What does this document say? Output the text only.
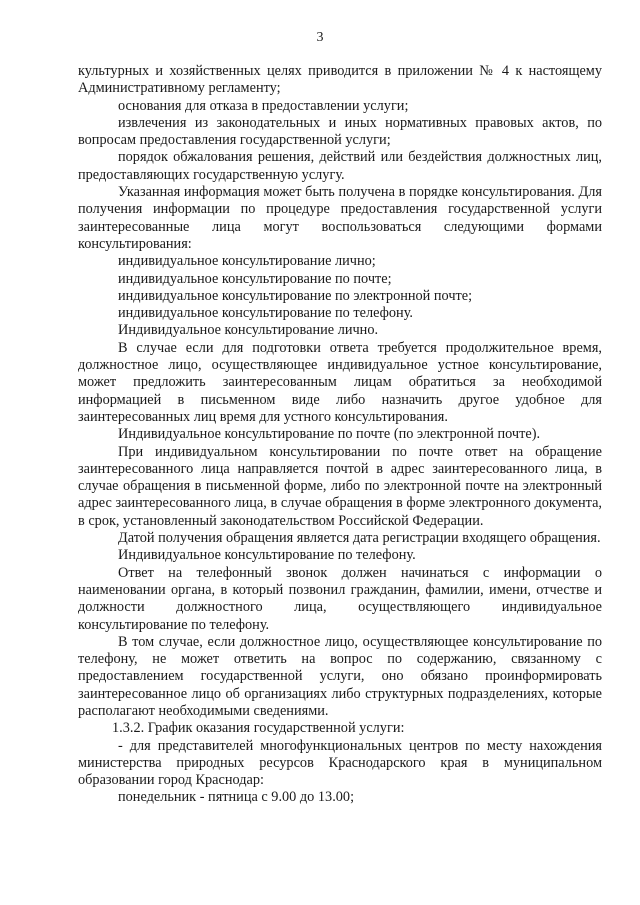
3

культурных и хозяйственных целях приводится в приложении № 4 к настоящему Административному регламенту;

основания для отказа в предоставлении услуги;

извлечения из законодательных и иных нормативных правовых актов, по вопросам предоставления государственной услуги;

порядок обжалования решения, действий или бездействия должностных лиц, предоставляющих государственную услугу.

Указанная информация может быть получена в порядке консультирования. Для получения информации по процедуре предоставления государственной услуги заинтересованные лица могут воспользоваться следующими формами консультирования:

индивидуальное консультирование лично;

индивидуальное консультирование по почте;

индивидуальное консультирование по электронной почте;

индивидуальное консультирование по телефону.

Индивидуальное консультирование лично.

В случае если для подготовки ответа требуется продолжительное время, должностное лицо, осуществляющее индивидуальное устное консультирование, может предложить заинтересованным лицам обратиться за необходимой информацией в письменном виде либо назначить другое удобное для заинтересованных лиц время для устного консультирования.

Индивидуальное консультирование по почте (по электронной почте).

При индивидуальном консультировании по почте ответ на обращение заинтересованного лица направляется почтой в адрес заинтересованного лица, в случае обращения в письменной форме, либо по электронной почте на электронный адрес заинтересованного лица, в случае обращения в форме электронного документа, в срок, установленный законодательством Российской Федерации.

Датой получения обращения является дата регистрации входящего обращения.

Индивидуальное консультирование по телефону.

Ответ на телефонный звонок должен начинаться с информации о наименовании органа, в который позвонил гражданин, фамилии, имени, отчестве и должности должностного лица, осуществляющего индивидуальное консультирование по телефону.

В том случае, если должностное лицо, осуществляющее консультирование по телефону, не может ответить на вопрос по содержанию, связанному с предоставлением государственной услуги, оно обязано проинформировать заинтересованное лицо об организациях либо структурных подразделениях, которые располагают необходимыми сведениями.

1.3.2. График оказания государственной услуги:

- для представителей многофункциональных центров по месту нахождения министерства природных ресурсов Краснодарского края в муниципальном образовании город Краснодар:

понедельник - пятница с 9.00 до 13.00;
